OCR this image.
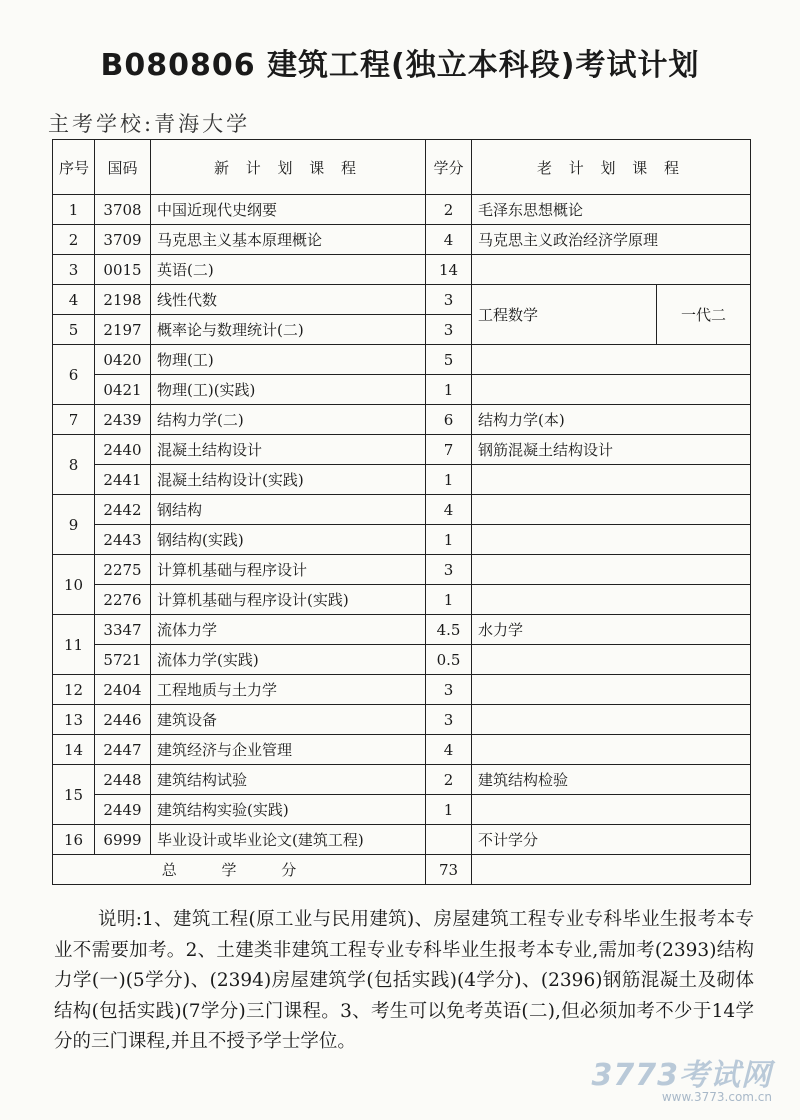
B080806 建筑工程(独立本科段)考试计划
主考学校:青海大学
序号	国码	新 计 划 课 程	学分	老 计 划 课 程	
1	3708	中国近现代史纲要	2	毛泽东思想概论	
2	3709	马克思主义基本原理概论	4	马克思主义政治经济学原理	
3	0015	英语(二)	14		
4	2198	线性代数	3	工程数学	一代二
5	2197	概率论与数理统计(二)	3		
6	0420	物理(工)	5		
	0421	物理(工)(实践)	1		
7	2439	结构力学(二)	6	结构力学(本)	
8	2440	混凝土结构设计	7	钢筋混凝土结构设计	
	2441	混凝土结构设计(实践)	1		
9	2442	钢结构	4		
	2443	钢结构(实践)	1		
10	2275	计算机基础与程序设计	3		
	2276	计算机基础与程序设计(实践)	1		
11	3347	流体力学	4.5	水力学	
	5721	流体力学(实践)	0.5		
12	2404	工程地质与土力学	3		
13	2446	建筑设备	3		
14	2447	建筑经济与企业管理	4		
15	2448	建筑结构试验	2	建筑结构检验	
	2449	建筑结构实验(实践)	1		
16	6999	毕业设计或毕业论文(建筑工程)		不计学分	
总 学 分			73		
说明:1、建筑工程(原工业与民用建筑)、房屋建筑工程专业专科毕业生报考本专业不需要加考。2、土建类非建筑工程专业专科毕业生报考本专业,需加考(2393)结构力学(一)(5学分)、(2394)房屋建筑学(包括实践)(4学分)、(2396)钢筋混凝土及砌体结构(包括实践)(7学分)三门课程。3、考生可以免考英语(二),但必须加考不少于14学分的三门课程,并且不授予学士学位。
3773考试网
www.3773.com.cn
